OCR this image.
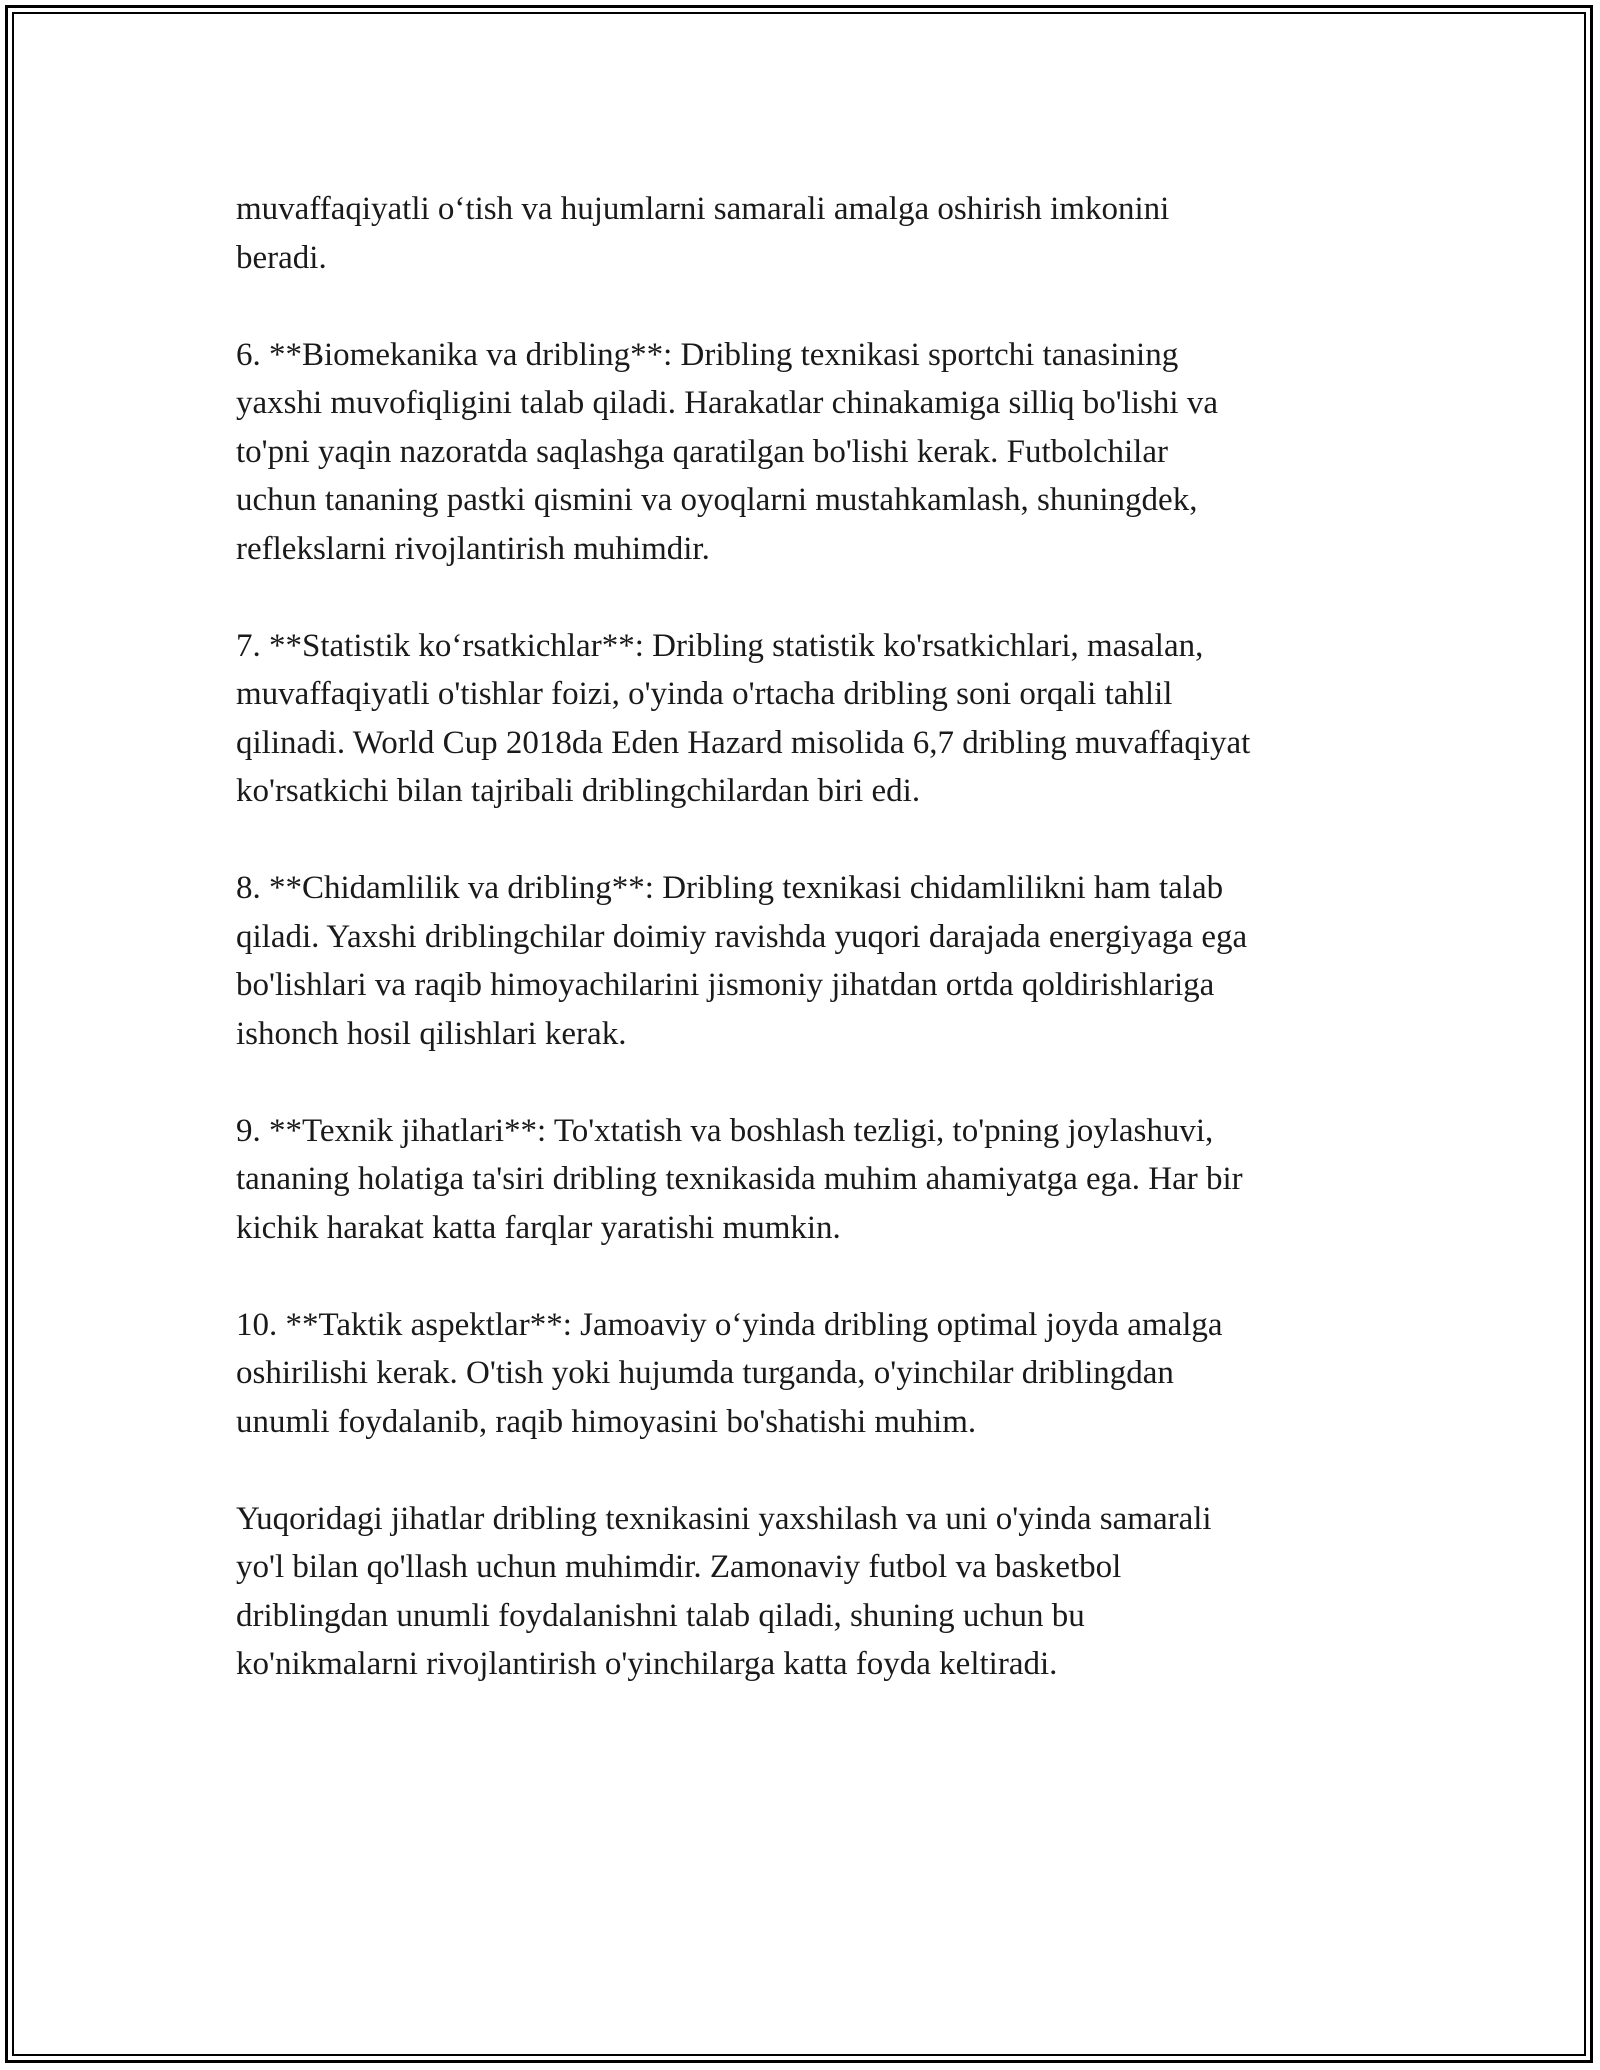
muvaffaqiyatli o‘tish va hujumlarni samarali amalga oshirish imkonini
beradi.

6. **Biomekanika va dribling**: Dribling texnikasi sportchi tanasining
yaxshi muvofiqligini talab qiladi. Harakatlar chinakamiga silliq bo'lishi va
to'pni yaqin nazoratda saqlashga qaratilgan bo'lishi kerak. Futbolchilar
uchun tananing pastki qismini va oyoqlarni mustahkamlash, shuningdek,
reflekslarni rivojlantirish muhimdir.

7. **Statistik ko‘rsatkichlar**: Dribling statistik ko'rsatkichlari, masalan,
muvaffaqiyatli o'tishlar foizi, o'yinda o'rtacha dribling soni orqali tahlil
qilinadi. World Cup 2018da Eden Hazard misolida 6,7 dribling muvaffaqiyat
ko'rsatkichi bilan tajribali driblingchilardan biri edi.

8. **Chidamlilik va dribling**: Dribling texnikasi chidamlilikni ham talab
qiladi. Yaxshi driblingchilar doimiy ravishda yuqori darajada energiyaga ega
bo'lishlari va raqib himoyachilarini jismoniy jihatdan ortda qoldirishlariga
ishonch hosil qilishlari kerak.

9. **Texnik jihatlari**: To'xtatish va boshlash tezligi, to'pning joylashuvi,
tananing holatiga ta'siri dribling texnikasida muhim ahamiyatga ega. Har bir
kichik harakat katta farqlar yaratishi mumkin.

10. **Taktik aspektlar**: Jamoaviy o‘yinda dribling optimal joyda amalga
oshirilishi kerak. O'tish yoki hujumda turganda, o'yinchilar driblingdan
unumli foydalanib, raqib himoyasini bo'shatishi muhim.

Yuqoridagi jihatlar dribling texnikasini yaxshilash va uni o'yinda samarali
yo'l bilan qo'llash uchun muhimdir. Zamonaviy futbol va basketbol
driblingdan unumli foydalanishni talab qiladi, shuning uchun bu
ko'nikmalarni rivojlantirish o'yinchilarga katta foyda keltiradi.
